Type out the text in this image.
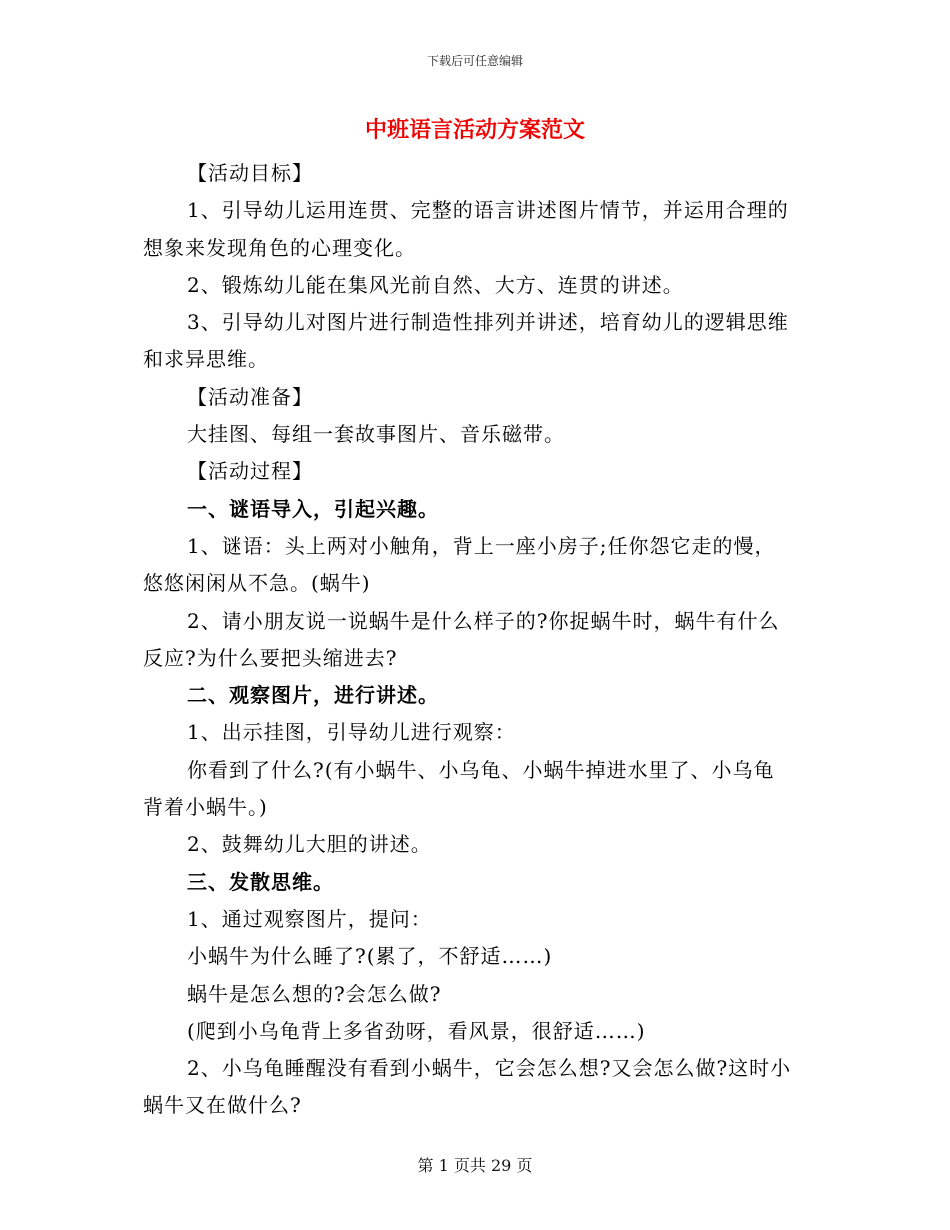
下载后可任意编辑
中班语言活动方案范文

【活动目标】

1、引导幼儿运用连贯、完整的语言讲述图片情节，并运用合理的

想象来发现角色的心理变化。

2、锻炼幼儿能在集风光前自然、大方、连贯的讲述。

3、引导幼儿对图片进行制造性排列并讲述，培育幼儿的逻辑思维

和求异思维。

【活动准备】

大挂图、每组一套故事图片、音乐磁带。

【活动过程】

一、谜语导入，引起兴趣。

1、谜语：头上两对小触角，背上一座小房子;任你怨它走的慢，

悠悠闲闲从不急。(蜗牛)

2、请小朋友说一说蜗牛是什么样子的?你捉蜗牛时，蜗牛有什么

反应?为什么要把头缩进去?

二、观察图片，进行讲述。

1、出示挂图，引导幼儿进行观察：

你看到了什么?(有小蜗牛、小乌龟、小蜗牛掉进水里了、小乌龟

背着小蜗牛。)

2、鼓舞幼儿大胆的讲述。

三、发散思维。

1、通过观察图片，提问：

小蜗牛为什么睡了?(累了，不舒适……)

蜗牛是怎么想的?会怎么做?

(爬到小乌龟背上多省劲呀，看风景，很舒适……)

2、小乌龟睡醒没有看到小蜗牛，它会怎么想?又会怎么做?这时小

蜗牛又在做什么?

第 1 页共 29 页
